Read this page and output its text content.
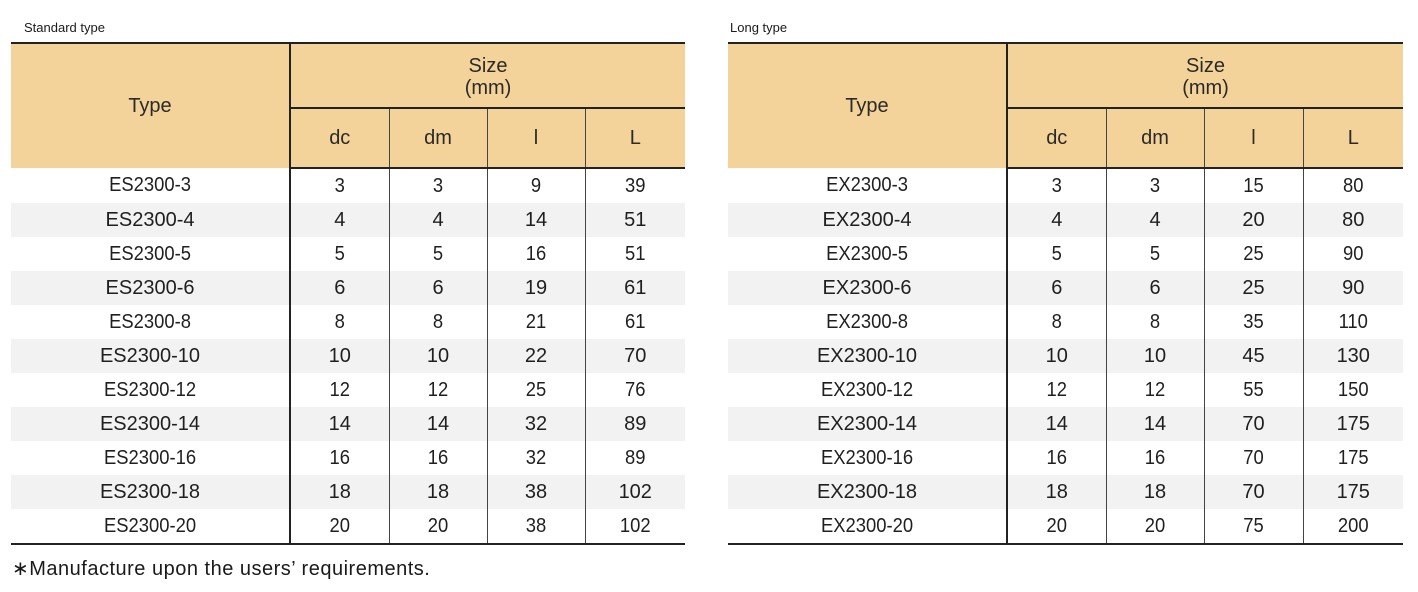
Standard type
Type	Size
(mm)			

	dc	dm	l	L
ES2300-3	3	3	9	39
ES2300-4	4	4	14	51
ES2300-5	5	5	16	51
ES2300-6	6	6	19	61
ES2300-8	8	8	21	61
ES2300-10	10	10	22	70
ES2300-12	12	12	25	76
ES2300-14	14	14	32	89
ES2300-16	16	16	32	89
ES2300-18	18	18	38	102
ES2300-20	20	20	38	102
Long type
Type	Size
(mm)			

	dc	dm	l	L
EX2300-3	3	3	15	80
EX2300-4	4	4	20	80
EX2300-5	5	5	25	90
EX2300-6	6	6	25	90
EX2300-8	8	8	35	110
EX2300-10	10	10	45	130
EX2300-12	12	12	55	150
EX2300-14	14	14	70	175
EX2300-16	16	16	70	175
EX2300-18	18	18	70	175
EX2300-20	20	20	75	200
∗Manufacture upon the users’ requirements.
